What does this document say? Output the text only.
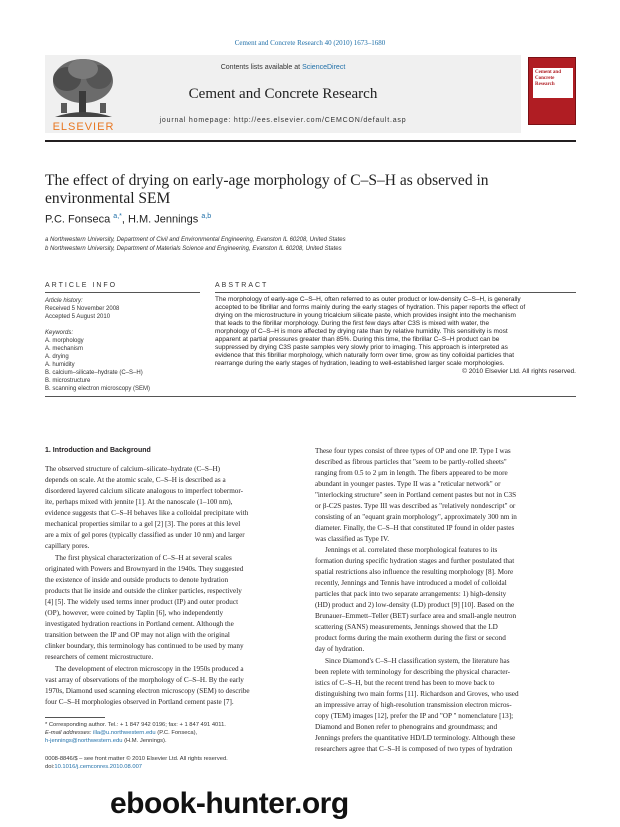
Cement and Concrete Research 40 (2010) 1673–1680
ELSEVIER
Contents lists available at ScienceDirect
Cement and Concrete Research
journal homepage: http://ees.elsevier.com/CEMCON/default.asp
Cement and Concrete Research
The effect of drying on early-age morphology of C–S–H as observed in
environmental SEM
P.C. Fonseca $^{a,*}$, H.M. Jennings $^{a,b}$
a Northwestern University, Department of Civil and Environmental Engineering, Evanston IL 60208, United States
b Northwestern University, Department of Materials Science and Engineering, Evanston IL 60208, United States
ARTICLE INFO	ABSTRACT
Article history:
Received 5 November 2008
Accepted 5 August 2010
Keywords:
A. morphology
A. mechanism
A. drying
A. humidity
B. calcium–silicate–hydrate (C–S–H)
B. microstructure
B. scanning electron microscopy (SEM)
The morphology of early-age C–S–H, often referred to as outer product or low-density C–S–H, is generally
accepted to be fibrillar and forms mainly during the early stages of hydration. This paper reports the effect of
drying on the microstructure in young tricalcium silicate paste, which provides insight into the mechanism
that leads to the fibrillar morphology. During the first few days after C3S is mixed with water, the
morphology of C–S–H is more affected by drying rate than by relative humidity. This sensitivity is most
apparent at partial pressures greater than 85%. During this time, the fibrillar C–S–H product can be
suppressed by drying C3S paste samples very slowly prior to imaging. This approach is interpreted as
evidence that this fibrillar morphology, which naturally form over time, grow as tiny colloidal particles that
rearrange during the early stages of hydration, leading to well-established larger scale morphologies.
© 2010 Elsevier Ltd. All rights reserved.
1. Introduction and Background
The observed structure of calcium–silicate–hydrate (C–S–H)
depends on scale. At the atomic scale, C–S–H is described as a
disordered layered calcium silicate analogous to imperfect tobermor-
ite, perhaps mixed with jennite [1]. At the nanoscale (1–100 nm),
evidence suggests that C–S–H behaves like a colloidal precipitate with
mechanical properties similar to a gel [2] [3]. The pores at this level
are a mix of gel pores (typically classified as under 10 nm) and larger
capillary pores.
The first physical characterization of C–S–H at several scales
originated with Powers and Brownyard in the 1940s. They suggested
the existence of inside and outside products to denote hydration
products that lie inside and outside the clinker particles, respectively
[4] [5]. The widely used terms inner product (IP) and outer product
(OP), however, were coined by Taplin [6], who independently
investigated hydration reactions in Portland cement. Although the
transition between the IP and OP may not align with the original
clinker boundary, this terminology has continued to be used by many
researchers of cement microstructure.
The development of electron microscopy in the 1950s produced a
vast array of observations of the morphology of C–S–H. By the early
1970s, Diamond used scanning electron microscopy (SEM) to describe
four C–S–H morphologies observed in Portland cement paste [7].
These four types consist of three types of OP and one IP. Type I was
described as fibrous particles that "seem to be partly-rolled sheets"
ranging from 0.5 to 2 μm in length. The fibers appeared to be more
abundant in younger pastes. Type II was a "reticular network" or
"interlocking structure" seen in Portland cement pastes but not in C3S
or β-C2S pastes. Type III was described as "relatively nondescript" or
consisting of an "equant grain morphology", approximately 300 nm in
diameter. Finally, the C–S–H that constituted IP found in older pastes
was classified as Type IV.
Jennings et al. correlated these morphological features to its
formation during specific hydration stages and further postulated that
spatial restrictions also influence the resulting morphology [8]. More
recently, Jennings and Tennis have introduced a model of colloidal
particles that pack into two separate arrangements: 1) high-density
(HD) product and 2) low-density (LD) product [9] [10]. Based on the
Brunauer–Emmett–Teller (BET) surface area and small-angle neutron
scattering (SANS) measurements, Jennings showed that the LD
product forms during the main exotherm during the first or second
day of hydration.
Since Diamond's C–S–H classification system, the literature has
been replete with terminology for describing the physical character-
istics of C–S–H, but the recent trend has been to move back to
distinguishing two main forms [11]. Richardson and Groves, who used
an impressive array of high-resolution transmission electron micros-
copy (TEM) images [12], prefer the IP and "OP " nomenclature [13];
Diamond and Bonen refer to phenograins and groundmass; and
Jennings prefers the quantitative HD/LD terminology. Although these
researchers agree that C–S–H is composed of two types of hydration
* Corresponding author. Tel.: + 1 847 942 0196; fax: + 1 847 491 4011.
E-mail addresses: illa@u.northwestern.edu (P.C. Fonseca),
h-jennings@northwestern.edu (H.M. Jennings).
0008-8846/$ – see front matter © 2010 Elsevier Ltd. All rights reserved.
doi:10.1016/j.cemconres.2010.08.007
ebook-hunter.org
